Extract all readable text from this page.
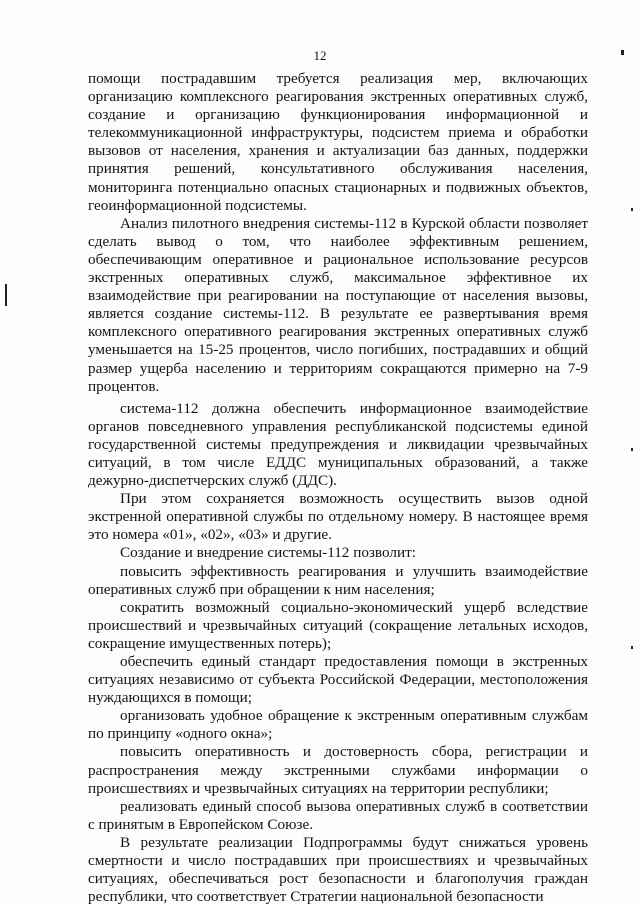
12

помощи пострадавшим требуется реализация мер, включающих организацию комплексного реагирования экстренных оперативных служб, создание и организацию функционирования информационной и телекоммуникационной инфраструктуры, подсистем приема и обработки вызовов от населения, хранения и актуализации баз данных, поддержки принятия решений, консультативного обслуживания населения, мониторинга потенциально опасных стационарных и подвижных объектов, геоинформационной подсистемы.

Анализ пилотного внедрения системы-112 в Курской области позволяет сделать вывод о том, что наиболее эффективным решением, обеспечивающим оперативное и рациональное использование ресурсов экстренных оперативных служб, максимальное эффективное их взаимодействие при реагировании на поступающие от населения вызовы, является создание системы-112. В результате ее развертывания время комплексного оперативного реагирования экстренных оперативных служб уменьшается на 15-25 процентов, число погибших, пострадавших и общий размер ущерба населению и территориям сокращаются примерно на 7-9 процентов.

система-112 должна обеспечить информационное взаимодействие органов повседневного управления республиканской подсистемы единой государственной системы предупреждения и ликвидации чрезвычайных ситуаций, в том числе ЕДДС муниципальных образований, а также дежурно-диспетчерских служб (ДДС).

При этом сохраняется возможность осуществить вызов одной экстренной оперативной службы по отдельному номеру. В настоящее время это номера «01», «02», «03» и другие.

Создание и внедрение системы-112 позволит:

повысить эффективность реагирования и улучшить взаимодействие оперативных служб при обращении к ним населения;

сократить возможный социально-экономический ущерб вследствие происшествий и чрезвычайных ситуаций (сокращение летальных исходов, сокращение имущественных потерь);

обеспечить единый стандарт предоставления помощи в экстренных ситуациях независимо от субъекта Российской Федерации, местоположения нуждающихся в помощи;

организовать удобное обращение к экстренным оперативным службам по принципу «одного окна»;

повысить оперативность и достоверность сбора, регистрации и распространения между экстренными службами информации о происшествиях и чрезвычайных ситуациях на территории республики;

реализовать единый способ вызова оперативных служб в соответствии с принятым в Европейском Союзе.

В результате реализации Подпрограммы будут снижаться уровень смертности и число пострадавших при происшествиях и чрезвычайных ситуациях, обеспечиваться рост безопасности и благополучия граждан республики, что соответствует Стратегии национальной безопасности
